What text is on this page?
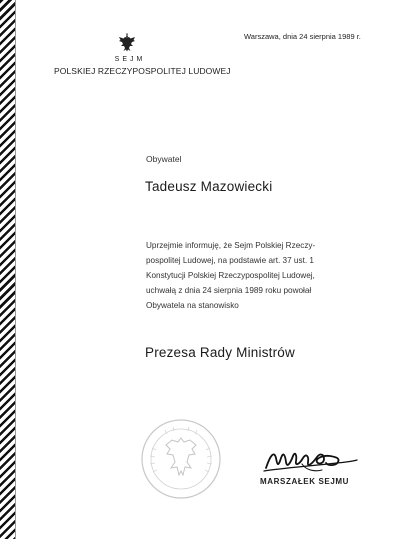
SEJM
POLSKIEJ RZECZYPOSPOLITEJ LUDOWEJ
Warszawa, dnia 24 sierpnia 1989 r.
Obywatel
Tadeusz Mazowiecki
Uprzejmie informuję, że Sejm Polskiej Rzeczy-
pospolitej Ludowej, na podstawie art. 37 ust. 1
Konstytucji Polskiej Rzeczypospolitej Ludowej,
uchwałą z dnia 24 sierpnia 1989 roku powołał
Obywatela na stanowisko
Prezesa Rady Ministrów
MARSZAŁEK SEJMU
